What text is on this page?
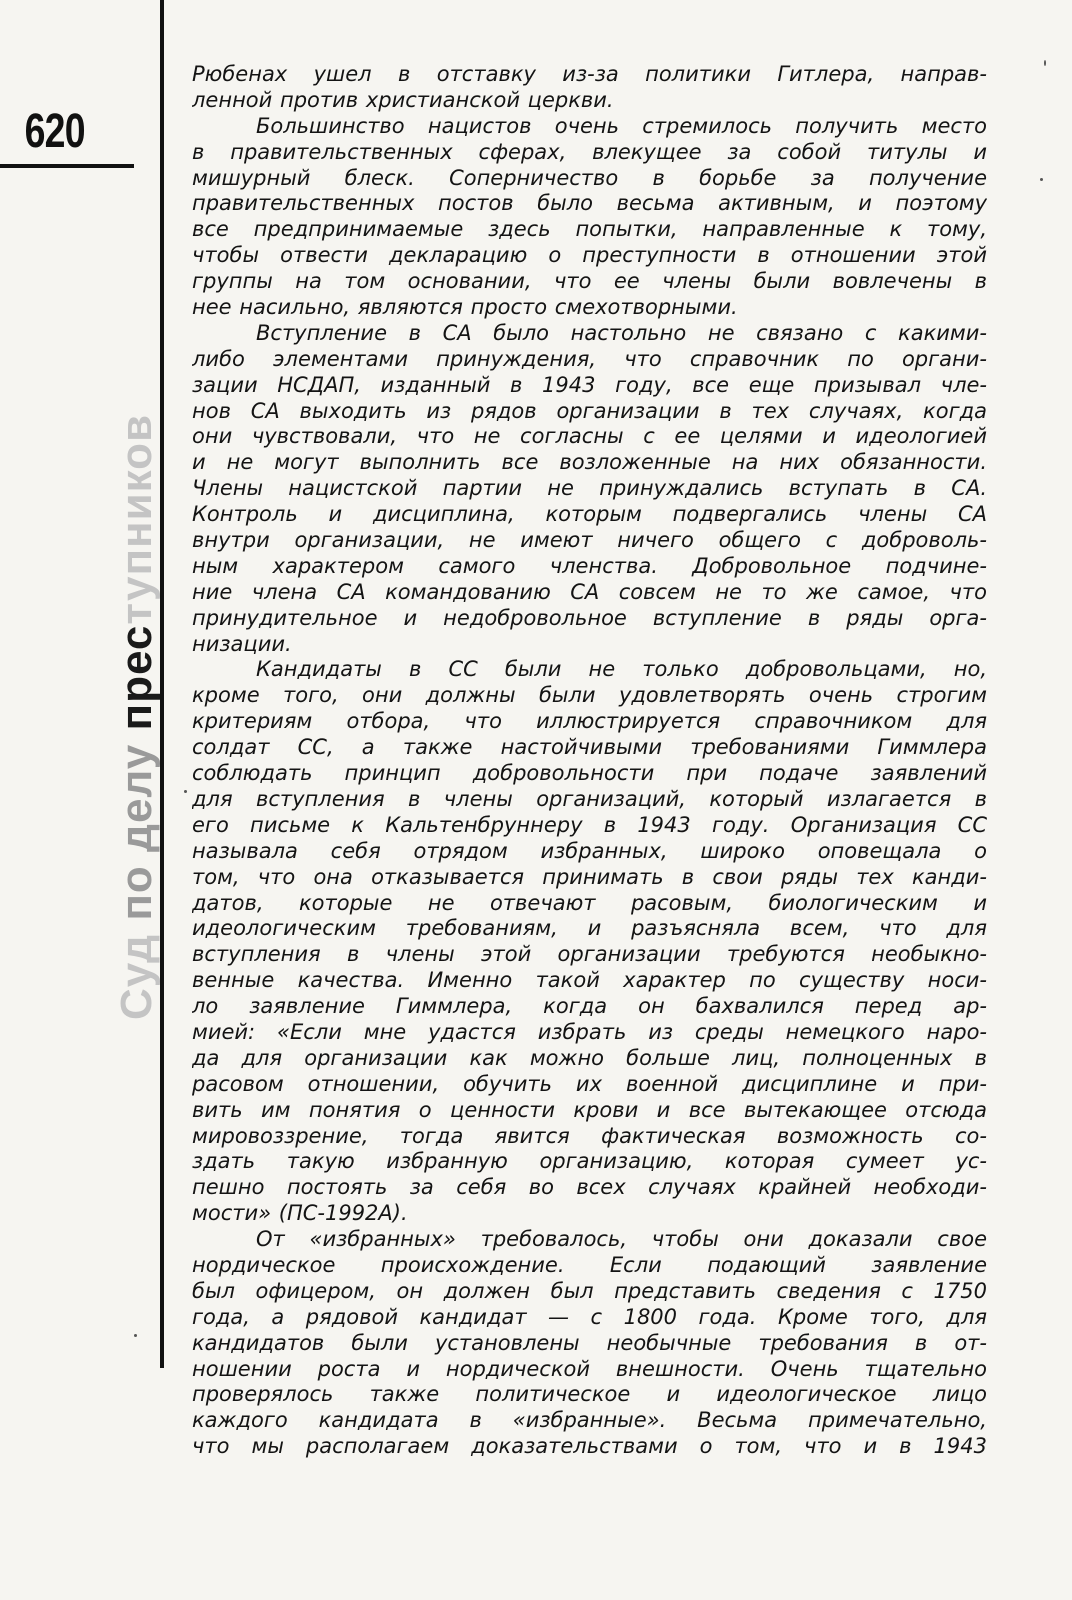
620
Суд по делу преступников
Рюбенах ушел в отставку из-за политики Гитлера, направ-
ленной против христианской церкви.
Большинство нацистов очень стремилось получить место
в правительственных сферах, влекущее за собой титулы и
мишурный блеск. Соперничество в борьбе за получение
правительственных постов было весьма активным, и поэтому
все предпринимаемые здесь попытки, направленные к тому,
чтобы отвести декларацию о преступности в отношении этой
группы на том основании, что ее члены были вовлечены в
нее насильно, являются просто смехотворными.
Вступление в СА было настольно не связано с какими-
либо элементами принуждения, что справочник по органи-
зации НСДАП, изданный в 1943 году, все еще призывал чле-
нов СА выходить из рядов организации в тех случаях, когда
они чувствовали, что не согласны с ее целями и идеологией
и не могут выполнить все возложенные на них обязанности.
Члены нацистской партии не принуждались вступать в СА.
Контроль и дисциплина, которым подвергались члены СА
внутри организации, не имеют ничего общего с доброволь-
ным характером самого членства. Добровольное подчине-
ние члена СА командованию СА совсем не то же самое, что
принудительное и недобровольное вступление в ряды орга-
низации.
Кандидаты в СС были не только добровольцами, но,
кроме того, они должны были удовлетворять очень строгим
критериям отбора, что иллюстрируется справочником для
солдат СС, а также настойчивыми требованиями Гиммлера
соблюдать принцип добровольности при подаче заявлений
для вступления в члены организаций, который излагается в
его письме к Кальтенбруннеру в 1943 году. Организация СС
называла себя отрядом избранных, широко оповещала о
том, что она отказывается принимать в свои ряды тех канди-
датов, которые не отвечают расовым, биологическим и
идеологическим требованиям, и разъясняла всем, что для
вступления в члены этой организации требуются необыкно-
венные качества. Именно такой характер по существу носи-
ло заявление Гиммлера, когда он бахвалился перед ар-
мией: «Если мне удастся избрать из среды немецкого наро-
да для организации как можно больше лиц, полноценных в
расовом отношении, обучить их военной дисциплине и при-
вить им понятия о ценности крови и все вытекающее отсюда
мировоззрение, тогда явится фактическая возможность со-
здать такую избранную организацию, которая сумеет ус-
пешно постоять за себя во всех случаях крайней необходи-
мости» (ПС-1992А).
От «избранных» требовалось, чтобы они доказали свое
нордическое происхождение. Если подающий заявление
был офицером, он должен был представить сведения с 1750
года, а рядовой кандидат — с 1800 года. Кроме того, для
кандидатов были установлены необычные требования в от-
ношении роста и нордической внешности. Очень тщательно
проверялось также политическое и идеологическое лицо
каждого кандидата в «избранные». Весьма примечательно,
что мы располагаем доказательствами о том, что и в 1943
